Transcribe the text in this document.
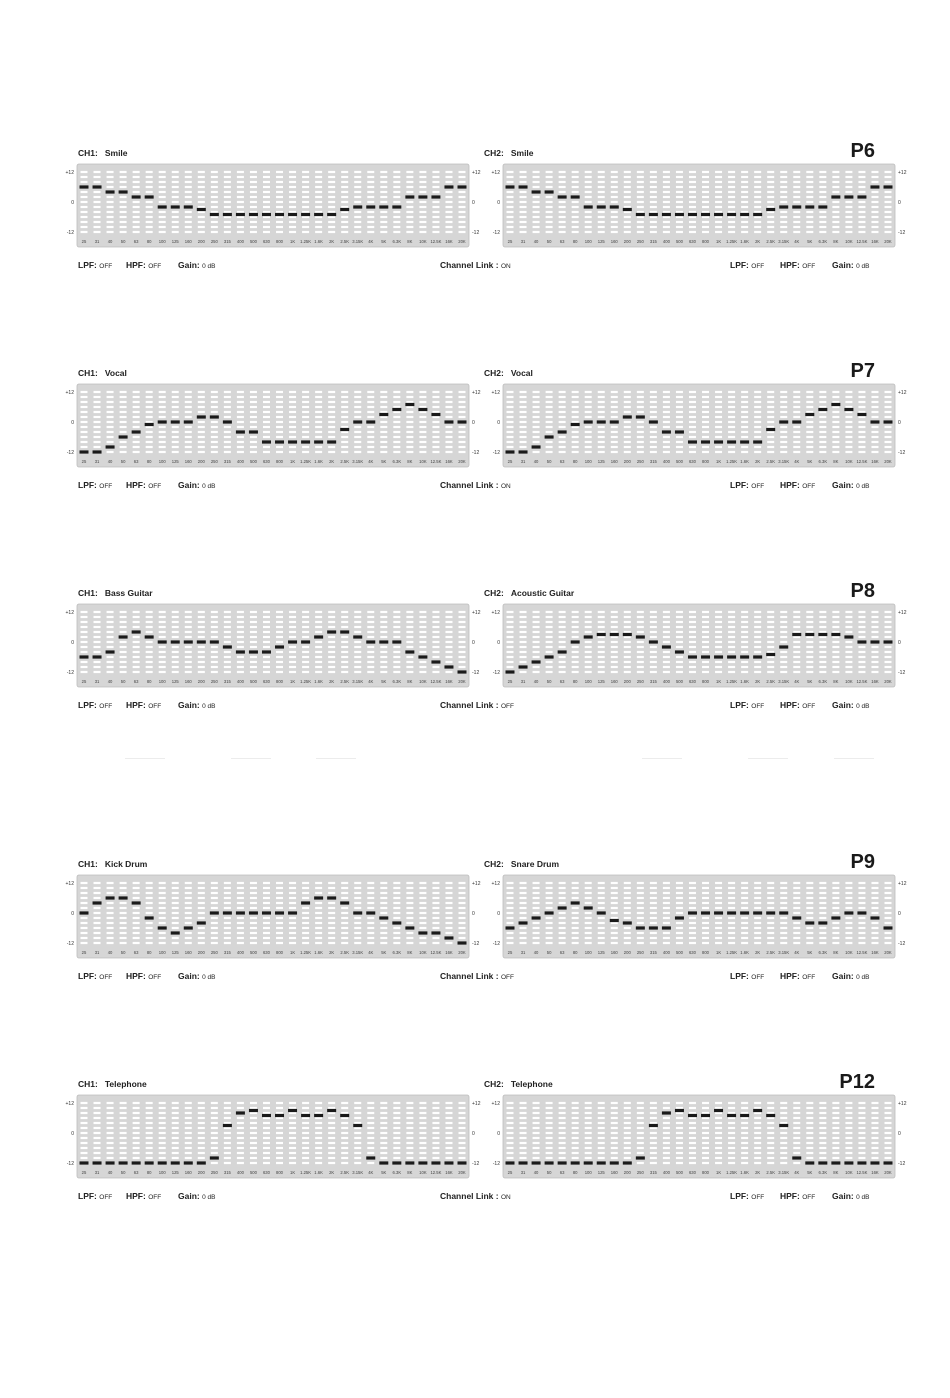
CH1: Smile	CH2: Smile	P6
+12
0
-12
+12
0
-12
25 31 40 50 63 80 100 125 160 200 250 315 400 500 630 800 1K 1.25K 1.6K 2K 2.5K 3.15K 4K 5K 6.3K 8K 10K 12.5K 16K 20K
+12
0
-12
+12
0
-12
25 31 40 50 63 80 100 125 160 200 250 315 400 500 630 800 1K 1.25K 1.6K 2K 2.5K 3.15K 4K 5K 6.3K 8K 10K 12.5K 16K 20K
LPF: OFF HPF: OFF Gain: 0 dB	Channel Link : ON	LPF: OFF HPF: OFF Gain: 0 dB
CH1: Vocal	CH2: Vocal	P7
+12
0
-12
+12
0
-12
25 31 40 50 63 80 100 125 160 200 250 315 400 500 630 800 1K 1.25K 1.6K 2K 2.5K 3.15K 4K 5K 6.3K 8K 10K 12.5K 16K 20K
+12
0
-12
+12
0
-12
25 31 40 50 63 80 100 125 160 200 250 315 400 500 630 800 1K 1.25K 1.6K 2K 2.5K 3.15K 4K 5K 6.3K 8K 10K 12.5K 16K 20K
LPF: OFF HPF: OFF Gain: 0 dB	Channel Link : ON	LPF: OFF HPF: OFF Gain: 0 dB
CH1: Bass Guitar	CH2: Acoustic Guitar	P8
+12
0
-12
+12
0
-12
25 31 40 50 63 80 100 125 160 200 250 315 400 500 630 800 1K 1.25K 1.6K 2K 2.5K 3.15K 4K 5K 6.3K 8K 10K 12.5K 16K 20K
+12
0
-12
+12
0
-12
25 31 40 50 63 80 100 125 160 200 250 315 400 500 630 800 1K 1.25K 1.6K 2K 2.5K 3.15K 4K 5K 6.3K 8K 10K 12.5K 16K 20K
LPF: OFF HPF: OFF Gain: 0 dB	Channel Link : OFF	LPF: OFF HPF: OFF Gain: 0 dB
CH1: Kick Drum	CH2: Snare Drum	P9
+12
0
-12
+12
0
-12
25 31 40 50 63 80 100 125 160 200 250 315 400 500 630 800 1K 1.25K 1.6K 2K 2.5K 3.15K 4K 5K 6.3K 8K 10K 12.5K 16K 20K
+12
0
-12
+12
0
-12
25 31 40 50 63 80 100 125 160 200 250 315 400 500 630 800 1K 1.25K 1.6K 2K 2.5K 3.15K 4K 5K 6.3K 8K 10K 12.5K 16K 20K
LPF: OFF HPF: OFF Gain: 0 dB	Channel Link : OFF	LPF: OFF HPF: OFF Gain: 0 dB
CH1: Telephone	CH2: Telephone	P12
+12
0
-12
+12
0
-12
25 31 40 50 63 80 100 125 160 200 250 315 400 500 630 800 1K 1.25K 1.6K 2K 2.5K 3.15K 4K 5K 6.3K 8K 10K 12.5K 16K 20K
+12
0
-12
+12
0
-12
25 31 40 50 63 80 100 125 160 200 250 315 400 500 630 800 1K 1.25K 1.6K 2K 2.5K 3.15K 4K 5K 6.3K 8K 10K 12.5K 16K 20K
LPF: OFF HPF: OFF Gain: 0 dB	Channel Link : ON	LPF: OFF HPF: OFF Gain: 0 dB
